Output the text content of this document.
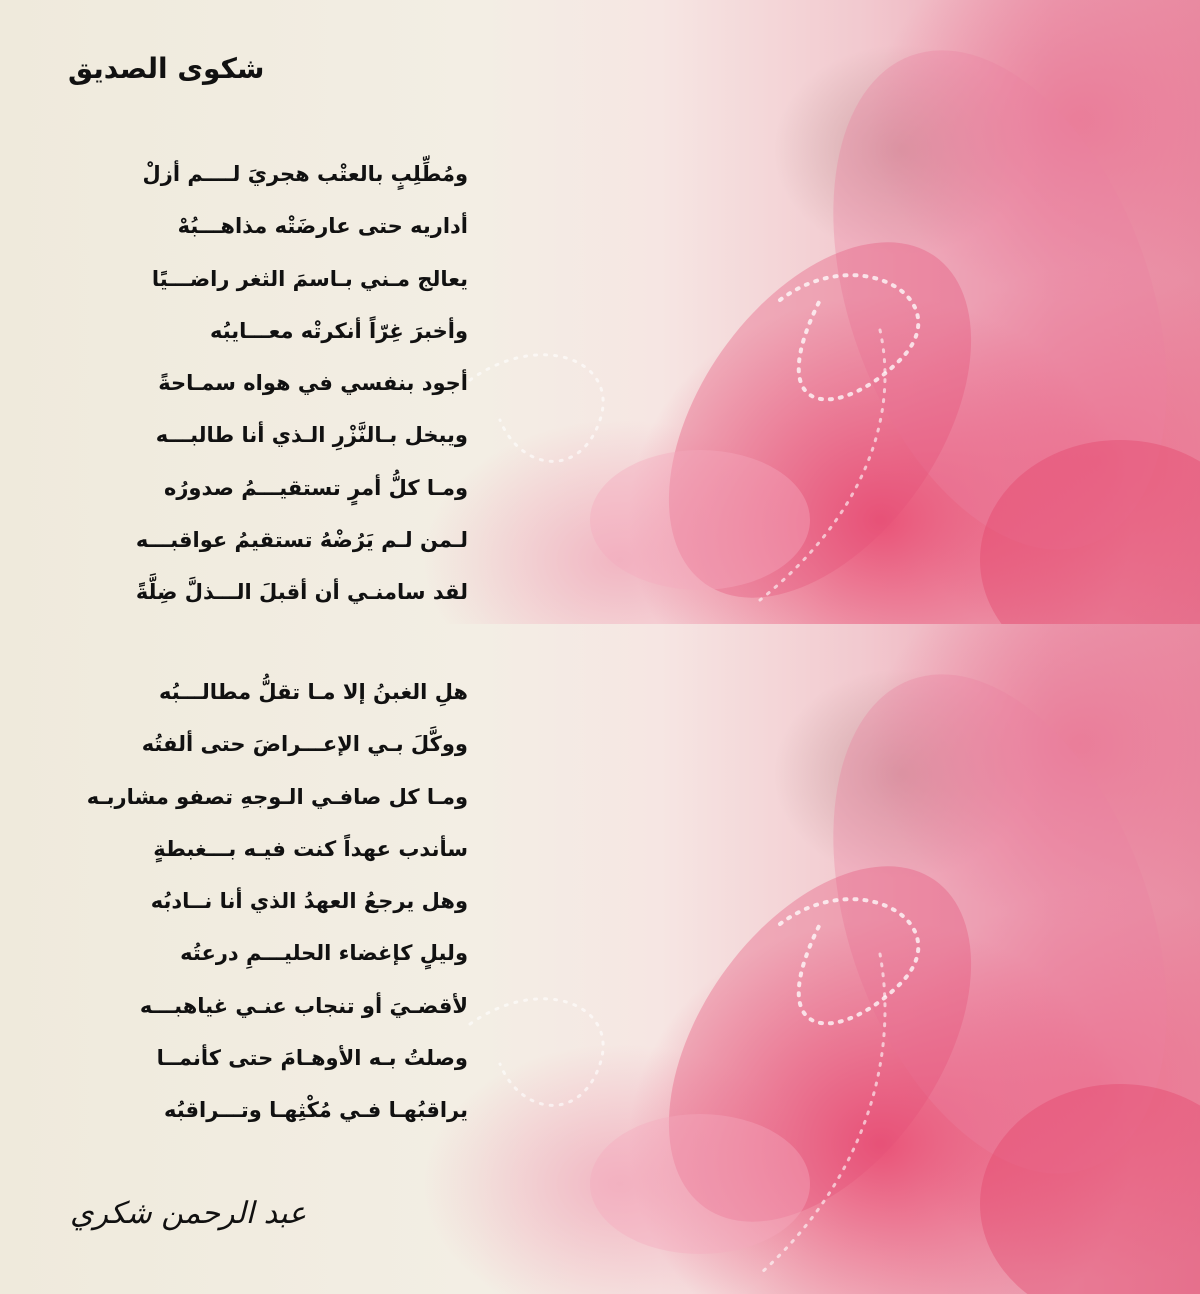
شكوى الصديق
ومُطِّلِبٍ بالعتْب هجريَ لــــم أزلْ
أداريه حتى عارضَتْه مذاهـــبُهْ
يعالج مـني بـاسمَ الثغر راضـــيًا
وأخبرَ غِرّاً أنكرتْه معـــايبُه
أجود بنفسي في هواه سمـاحةً
ويبخل بـالنَّزْرِ الـذي أنا طالبـــه
ومـا كلُّ أمرٍ تستقيـــمُ صدورُه
لـمن لـم يَرُضْهُ تستقيمُ عواقبـــه
لقد سامنـي أن أقبلَ الـــذلَّ ضِلَّةً
هلِ الغبنُ إلا مـا تقلُّ مطالـــبُه
ووكَّلَ بـي الإعـــراضَ حتى ألفتُه
ومـا كل صافـي الـوجهِ تصفو مشاربـه
سأندب عهداً كنت فيـه بـــغبطةٍ
وهل يرجعُ العهدُ الذي أنا نــادبُه
وليلٍ كإغضاء الحليـــمِ درعتُه
لأقضـيَ أو تنجاب عنـي غياهبـــه
وصلتُ بـه الأوهـامَ حتى كأنمــا
يراقبُهـا فـي مُكْثِهـا وتـــراقبُه
عبد الرحمن شكري
